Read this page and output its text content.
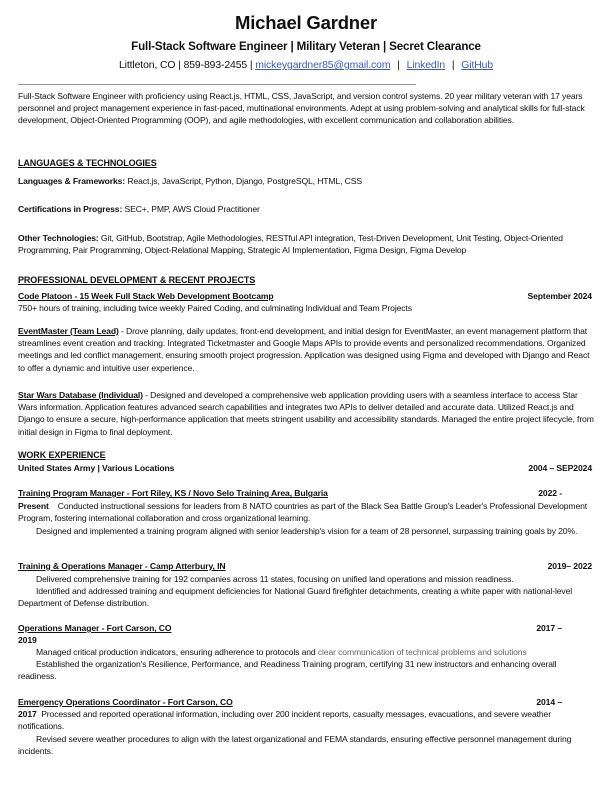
Michael Gardner
Full-Stack Software Engineer | Military Veteran | Secret Clearance
Littleton, CO | 859-893-2455 | mickeygardner85@gmail.com | LinkedIn | GitHub
Full-Stack Software Engineer with proficiency using React.js, HTML, CSS, JavaScript, and version control systems. 20 year military veteran with 17 years personnel and project management experience in fast-paced, multinational environments. Adept at using problem-solving and analytical skills for full-stack development, Object-Oriented Programming (OOP), and agile methodologies, with excellent communication and collaboration abilities.
LANGUAGES & TECHNOLOGIES
Languages & Frameworks: React.js, JavaScript, Python, Django, PostgreSQL, HTML, CSS
Certifications in Progress: SEC+, PMP, AWS Cloud Practitioner
Other Technologies: Git, GitHub, Bootstrap, Agile Methodologies, RESTful API integration, Test-Driven Development, Unit Testing, Object-Oriented Programming, Pair Programming, Object-Relational Mapping, Strategic AI Implementation, Figma Design, Figma Develop
PROFESSIONAL DEVELOPMENT & RECENT PROJECTS
Code Platoon - 15 Week Full Stack Web Development Bootcamp	September 2024
750+ hours of training, including twice weekly Paired Coding, and culminating Individual and Team Projects
EventMaster (Team Lead) - Drove planning, daily updates, front-end development, and initial design for EventMaster, an event management platform that streamlines event creation and tracking. Integrated Ticketmaster and Google Maps APIs to provide events and personalized recommendations. Organized meetings and led conflict management, ensuring smooth project progression. Application was designed using Figma and developed with Django and React to offer a dynamic and intuitive user experience.
Star Wars Database (Individual) - Designed and developed a comprehensive web application providing users with a seamless interface to access Star Wars information. Application features advanced search capabilities and integrates two APIs to deliver detailed and accurate data. Utilized React.js and Django to ensure a secure, high-performance application that meets stringent usability and accessibility standards. Managed the entire project lifecycle, from initial design in Figma to final deployment.
WORK EXPERIENCE
United States Army | Various Locations	2004 – SEP2024
Training Program Manager - Fort Riley, KS / Novo Selo Training Area, Bulgaria	2022 -
Present Conducted instructional sessions for leaders from 8 NATO countries as part of the Black Sea Battle Group's Leader's Professional Development Program, fostering international collaboration and cross organizational learning.
Designed and implemented a training program aligned with senior leadership's vision for a team of 28 personnel, surpassing training goals by 20%.
Training & Operations Manager - Camp Atterbury, IN	2019– 2022
Delivered comprehensive training for 192 companies across 11 states, focusing on unified land operations and mission readiness.
Identified and addressed training and equipment deficiencies for National Guard firefighter detachments, creating a white paper with national-level Department of Defense distribution.
Operations Manager - Fort Carson, CO	2017 –
2019
Managed critical production indicators, ensuring adherence to protocols and clear communication of technical problems and solutions
Established the organization's Resilience, Performance, and Readiness Training program, certifying 31 new instructors and enhancing overall readiness.
Emergency Operations Coordinator - Fort Carson, CO	2014 –
2017 Processed and reported operational information, including over 200 incident reports, casualty messages, evacuations, and severe weather notifications.
Revised severe weather procedures to align with the latest organizational and FEMA standards, ensuring effective personnel management during incidents.
